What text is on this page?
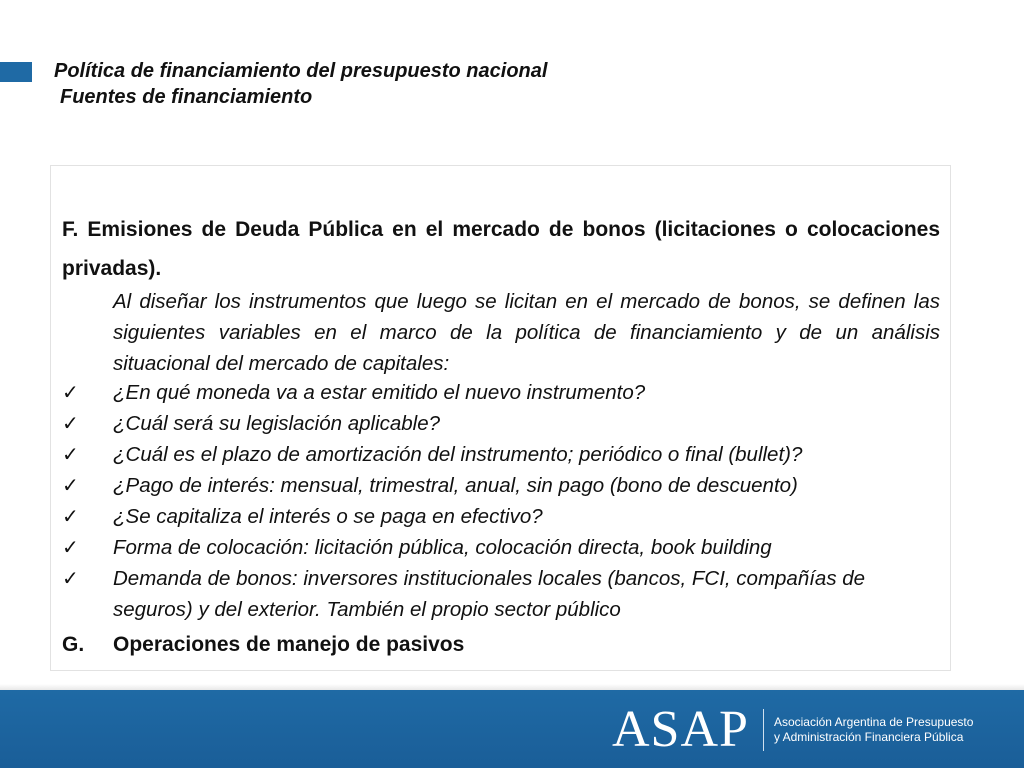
Política de financiamiento del presupuesto nacional
Fuentes de financiamiento
F. Emisiones de Deuda Pública en el mercado de bonos (licitaciones o colocaciones privadas).
Al diseñar los instrumentos que luego se licitan en el mercado de bonos, se definen las siguientes variables en el marco de la política de financiamiento y de un análisis situacional del mercado de capitales:
✓	¿En qué moneda va a estar emitido el nuevo instrumento?
✓	¿Cuál será su legislación aplicable?
✓	¿Cuál es el plazo de amortización del instrumento; periódico o final (bullet)?
✓	¿Pago de interés: mensual, trimestral, anual, sin pago (bono de descuento)
✓	¿Se capitaliza el interés o se paga en efectivo?
✓	Forma de colocación: licitación pública, colocación directa, book building
✓	Demanda de bonos: inversores institucionales locales (bancos, FCI, compañías de seguros) y del exterior. También el propio sector público
G. Operaciones de manejo de pasivos
ASAP Asociación Argentina de Presupuesto
y Administración Financiera Pública
